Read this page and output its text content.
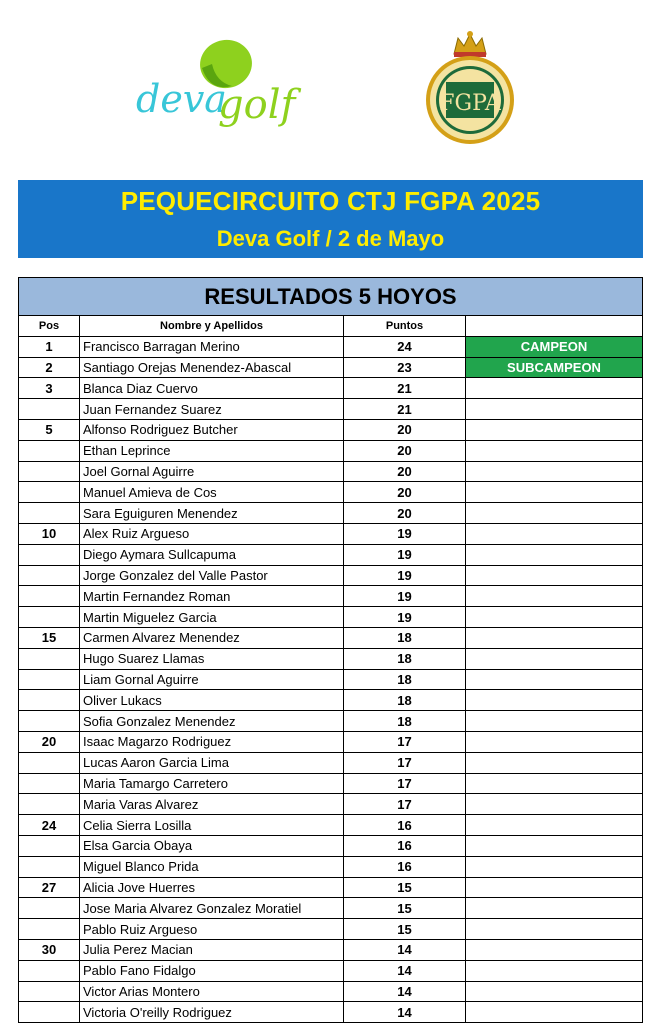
deva
golf	FGPA
PEQUECIRCUITO CTJ FGPA 2025
Deva Golf / 2 de Mayo
RESULTADOS 5 HOYOS
Pos	Nombre y Apellidos	Puntos	
1	Francisco Barragan Merino	24	CAMPEON
2	Santiago Orejas Menendez-Abascal	23	SUBCAMPEON
3	Blanca Diaz Cuervo	21	
	Juan Fernandez Suarez	21	
5	Alfonso Rodriguez Butcher	20	
	Ethan Leprince	20	
	Joel Gornal Aguirre	20	
	Manuel Amieva de Cos	20	
	Sara Eguiguren Menendez	20	
10	Alex Ruiz Argueso	19	
	Diego Aymara Sullcapuma	19	
	Jorge Gonzalez del Valle Pastor	19	
	Martin Fernandez Roman	19	
	Martin Miguelez Garcia	19	
15	Carmen Alvarez Menendez	18	
	Hugo Suarez Llamas	18	
	Liam Gornal Aguirre	18	
	Oliver Lukacs	18	
	Sofia Gonzalez Menendez	18	
20	Isaac Magarzo Rodriguez	17	
	Lucas Aaron Garcia Lima	17	
	Maria Tamargo Carretero	17	
	Maria Varas Alvarez	17	
24	Celia Sierra Losilla	16	
	Elsa Garcia Obaya	16	
	Miguel Blanco Prida	16	
27	Alicia Jove Huerres	15	
	Jose Maria Alvarez Gonzalez Moratiel	15	
	Pablo Ruiz Argueso	15	
30	Julia Perez Macian	14	
	Pablo Fano Fidalgo	14	
	Victor Arias Montero	14	
	Victoria O'reilly Rodriguez	14	
